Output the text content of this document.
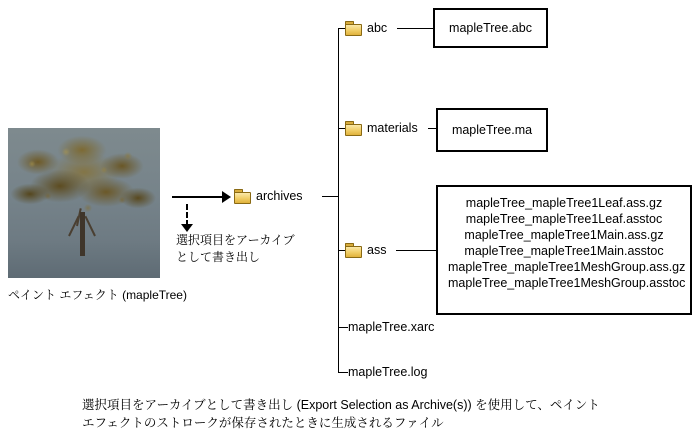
ペイント エフェクト (mapleTree)
選択項目をアーカイブとして書き出し
archives
abc	mapleTree.abc
materials	mapleTree.ma
ass
mapleTree_mapleTree1Leaf.ass.gz
mapleTree_mapleTree1Leaf.asstoc
mapleTree_mapleTree1Main.ass.gz
mapleTree_mapleTree1Main.asstoc
mapleTree_mapleTree1MeshGroup.ass.gz
mapleTree_mapleTree1MeshGroup.asstoc
mapleTree.xarc
mapleTree.log
選択項目をアーカイブとして書き出し (Export Selection as Archive(s)) を使用して、ペイント
エフェクトのストロークが保存されたときに生成されるファイル
